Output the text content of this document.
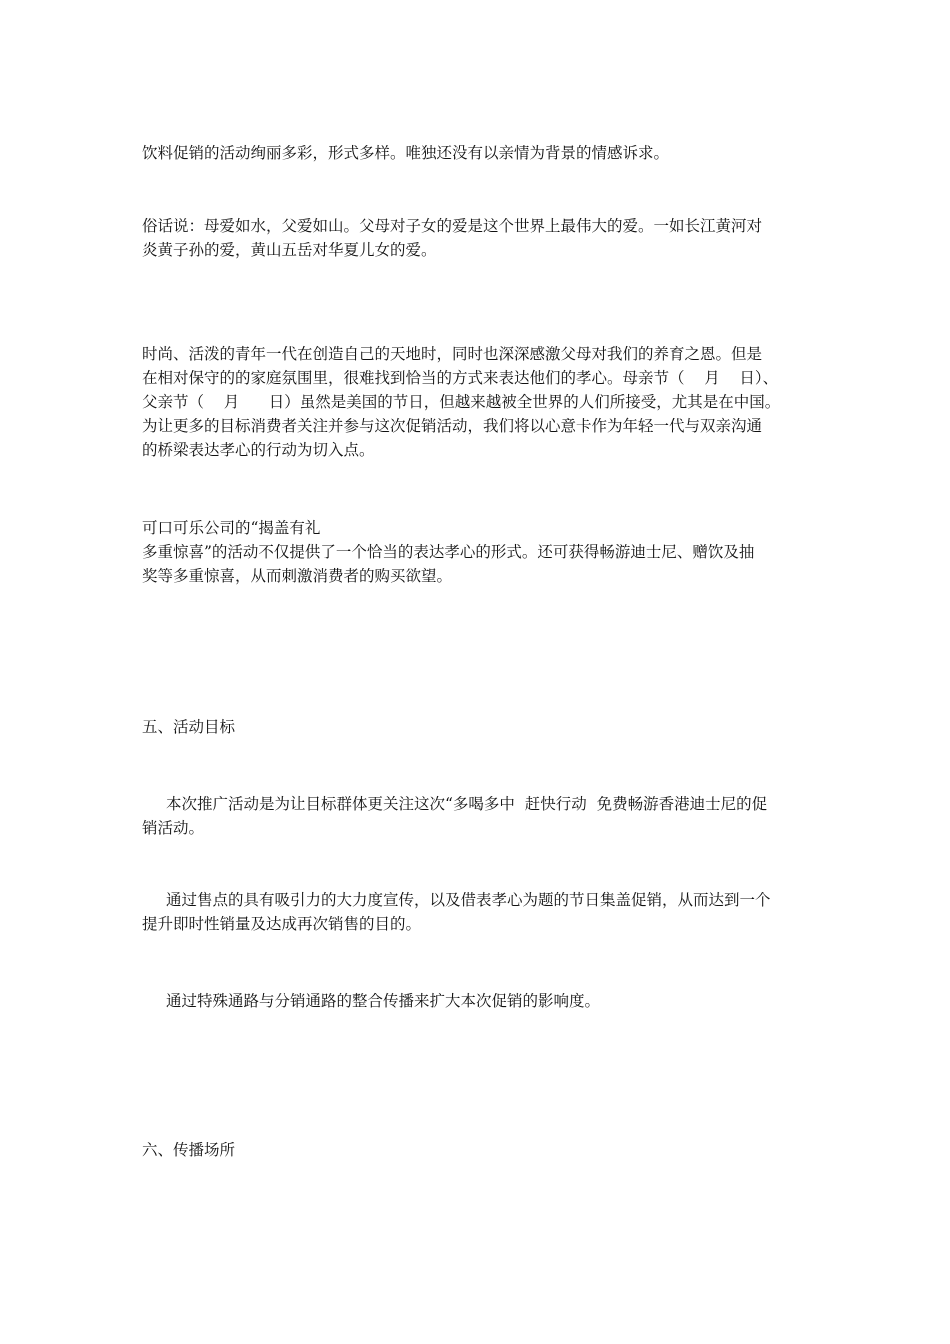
饮料促销的活动绚丽多彩，形式多样。唯独还没有以亲情为背景的情感诉求。
俗话说：母爱如水，父爱如山。父母对子女的爱是这个世界上最伟大的爱。一如长江黄河对
炎黄子孙的爱，黄山五岳对华夏儿女的爱。
时尚、活泼的青年一代在创造自己的天地时，同时也深深感激父母对我们的养育之恩。但是
在相对保守的的家庭氛围里，很难找到恰当的方式来表达他们的孝心。母亲节（    月    日）、
父亲节（    月      日）虽然是美国的节日，但越来越被全世界的人们所接受，尤其是在中国。
为让更多的目标消费者关注并参与这次促销活动，我们将以心意卡作为年轻一代与双亲沟通
的桥梁表达孝心的行动为切入点。
可口可乐公司的“揭盖有礼
多重惊喜”的活动不仅提供了一个恰当的表达孝心的形式。还可获得畅游迪士尼、赠饮及抽
奖等多重惊喜，从而刺激消费者的购买欲望。
五、活动目标
本次推广活动是为让目标群体更关注这次“多喝多中  赶快行动  免费畅游香港迪士尼的促
销活动。
通过售点的具有吸引力的大力度宣传，以及借表孝心为题的节日集盖促销，从而达到一个
提升即时性销量及达成再次销售的目的。
通过特殊通路与分销通路的整合传播来扩大本次促销的影响度。
六、传播场所
